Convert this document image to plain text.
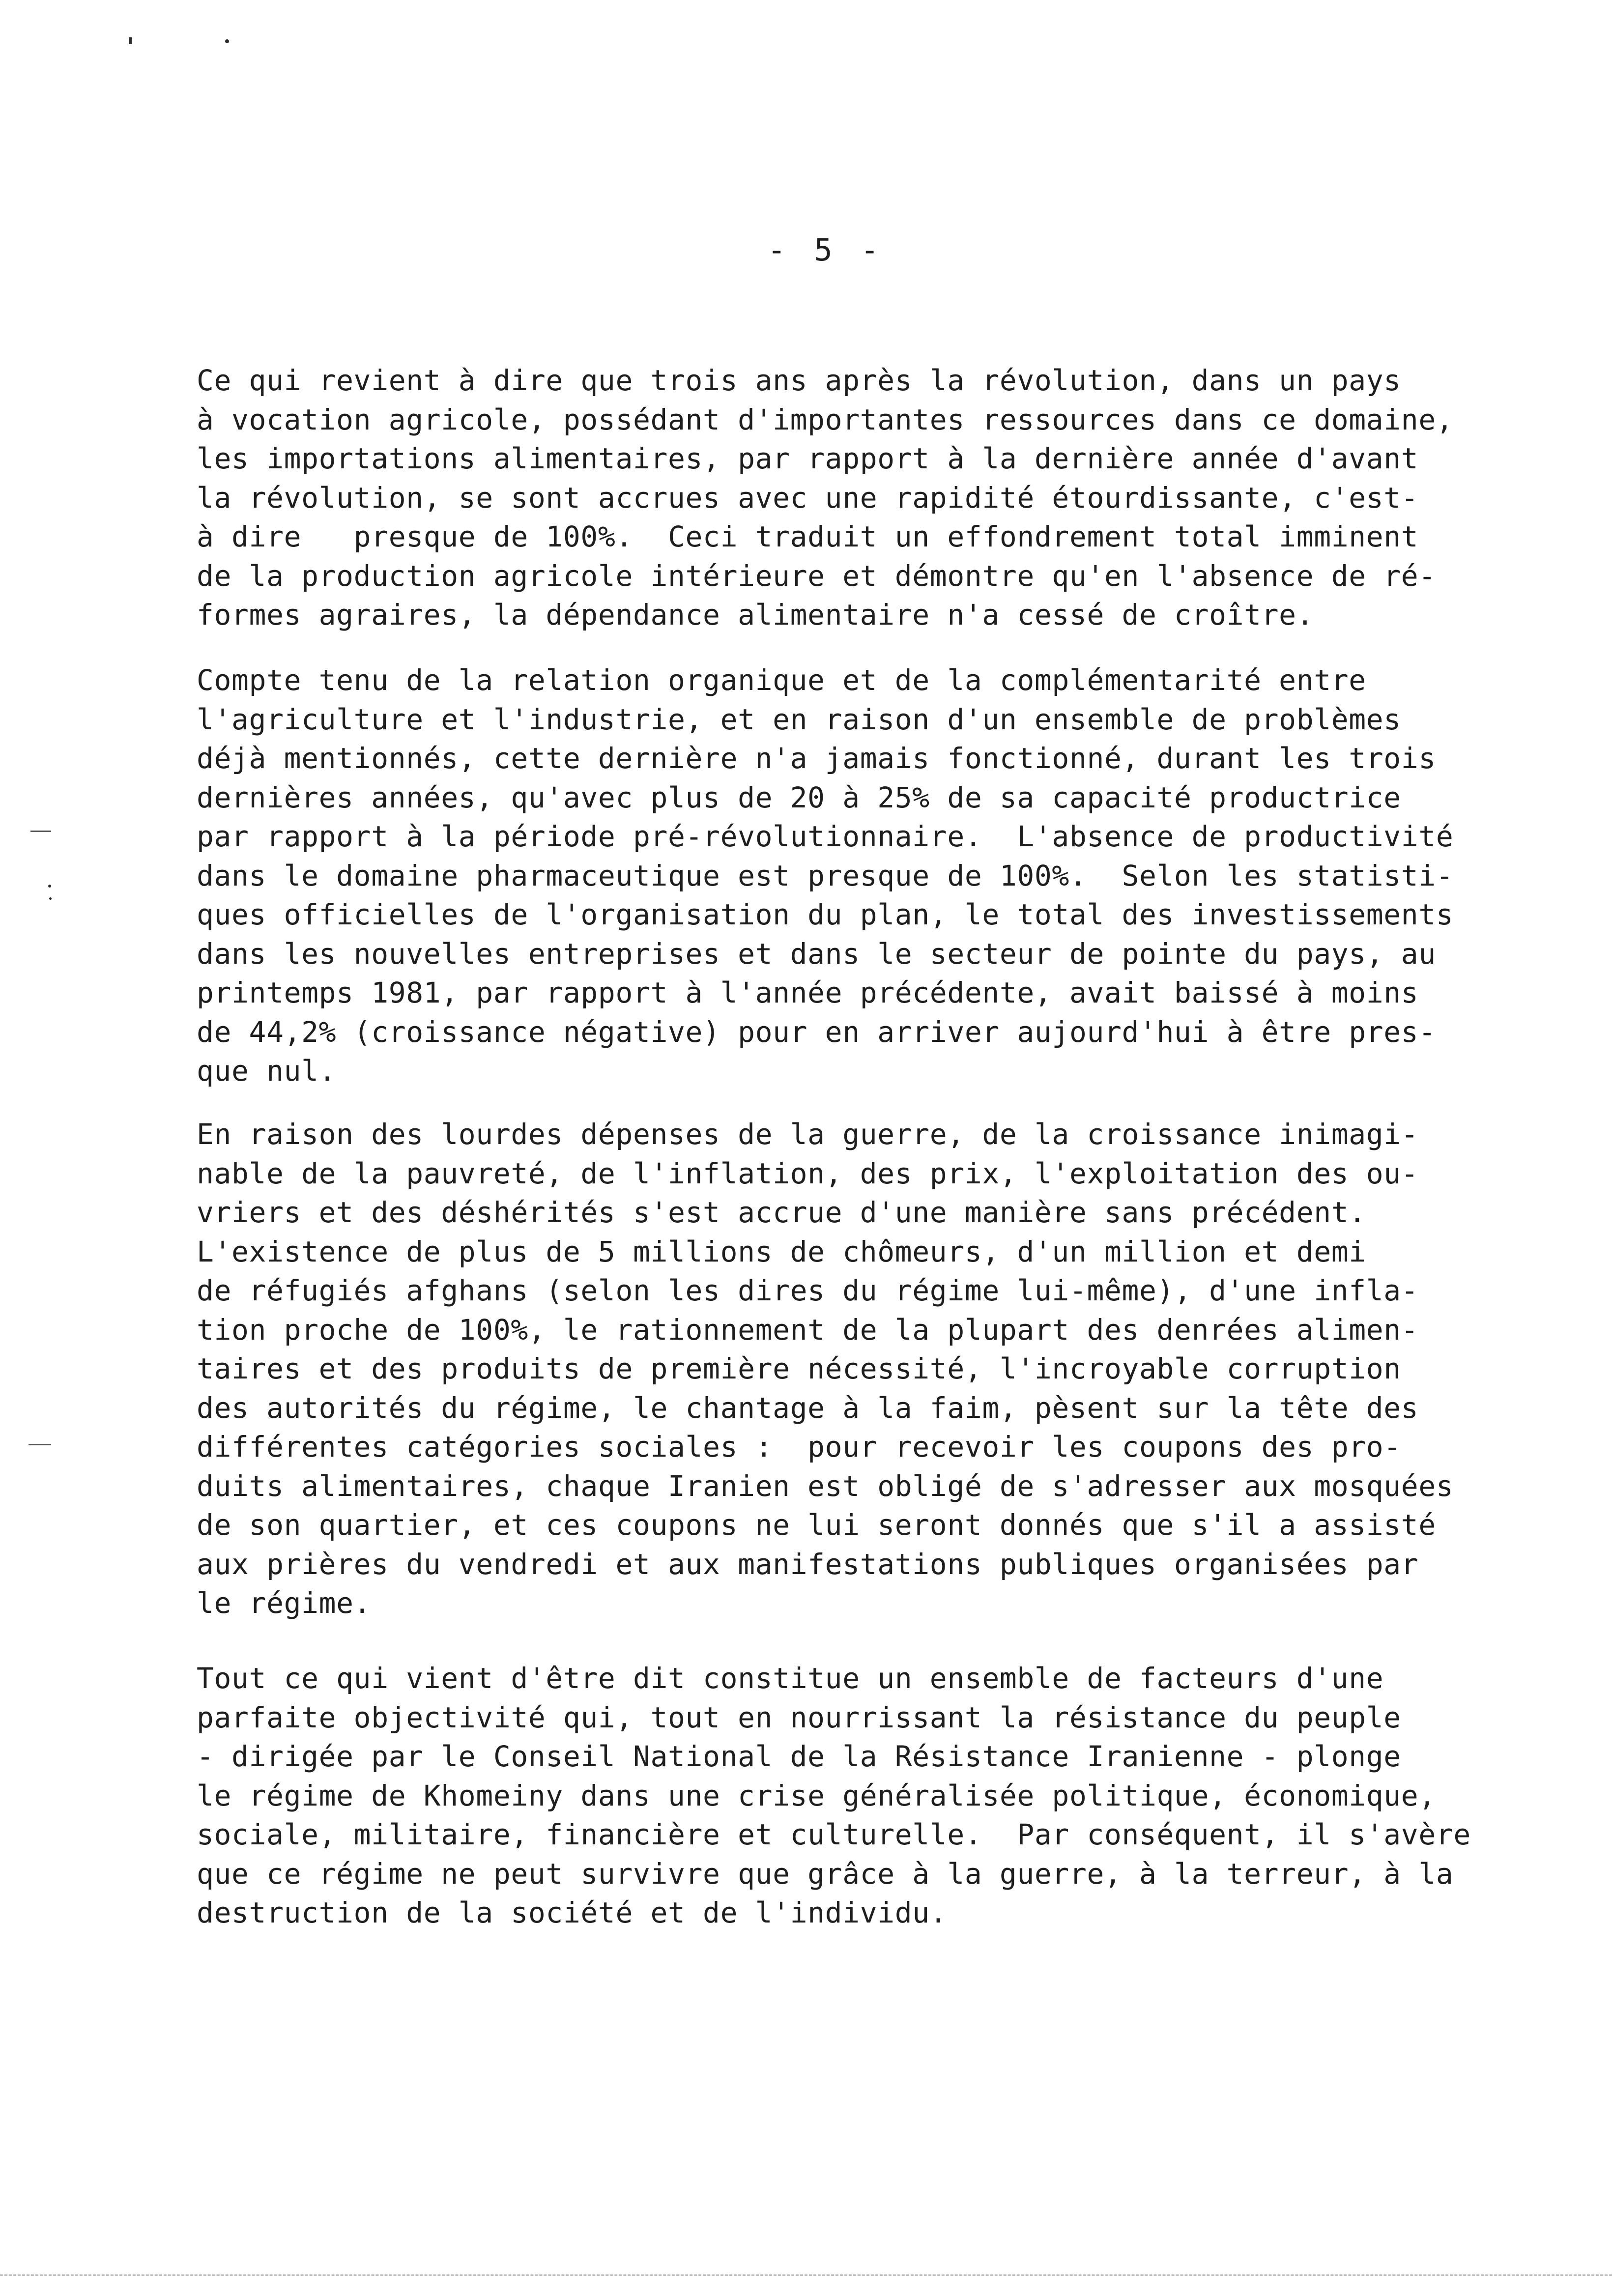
- 5 -

Ce qui revient à dire que trois ans après la révolution, dans un pays
à vocation agricole, possédant d'importantes ressources dans ce domaine,
les importations alimentaires, par rapport à la dernière année d'avant
la révolution, se sont accrues avec une rapidité étourdissante, c'est-
à dire   presque de 100%.  Ceci traduit un effondrement total imminent
de la production agricole intérieure et démontre qu'en l'absence de ré-
formes agraires, la dépendance alimentaire n'a cessé de croître.

Compte tenu de la relation organique et de la complémentarité entre
l'agriculture et l'industrie, et en raison d'un ensemble de problèmes
déjà mentionnés, cette dernière n'a jamais fonctionné, durant les trois
dernières années, qu'avec plus de 20 à 25% de sa capacité productrice
par rapport à la période pré-révolutionnaire.  L'absence de productivité
dans le domaine pharmaceutique est presque de 100%.  Selon les statisti-
ques officielles de l'organisation du plan, le total des investissements
dans les nouvelles entreprises et dans le secteur de pointe du pays, au
printemps 1981, par rapport à l'année précédente, avait baissé à moins
de 44,2% (croissance négative) pour en arriver aujourd'hui à être pres-
que nul.

En raison des lourdes dépenses de la guerre, de la croissance inimagi-
nable de la pauvreté, de l'inflation, des prix, l'exploitation des ou-
vriers et des déshérités s'est accrue d'une manière sans précédent.
L'existence de plus de 5 millions de chômeurs, d'un million et demi
de réfugiés afghans (selon les dires du régime lui-même), d'une infla-
tion proche de 100%, le rationnement de la plupart des denrées alimen-
taires et des produits de première nécessité, l'incroyable corruption
des autorités du régime, le chantage à la faim, pèsent sur la tête des
différentes catégories sociales :  pour recevoir les coupons des pro-
duits alimentaires, chaque Iranien est obligé de s'adresser aux mosquées
de son quartier, et ces coupons ne lui seront donnés que s'il a assisté
aux prières du vendredi et aux manifestations publiques organisées par
le régime.

Tout ce qui vient d'être dit constitue un ensemble de facteurs d'une
parfaite objectivité qui, tout en nourrissant la résistance du peuple
- dirigée par le Conseil National de la Résistance Iranienne - plonge
le régime de Khomeiny dans une crise généralisée politique, économique,
sociale, militaire, financière et culturelle.  Par conséquent, il s'avère
que ce régime ne peut survivre que grâce à la guerre, à la terreur, à la
destruction de la société et de l'individu.
